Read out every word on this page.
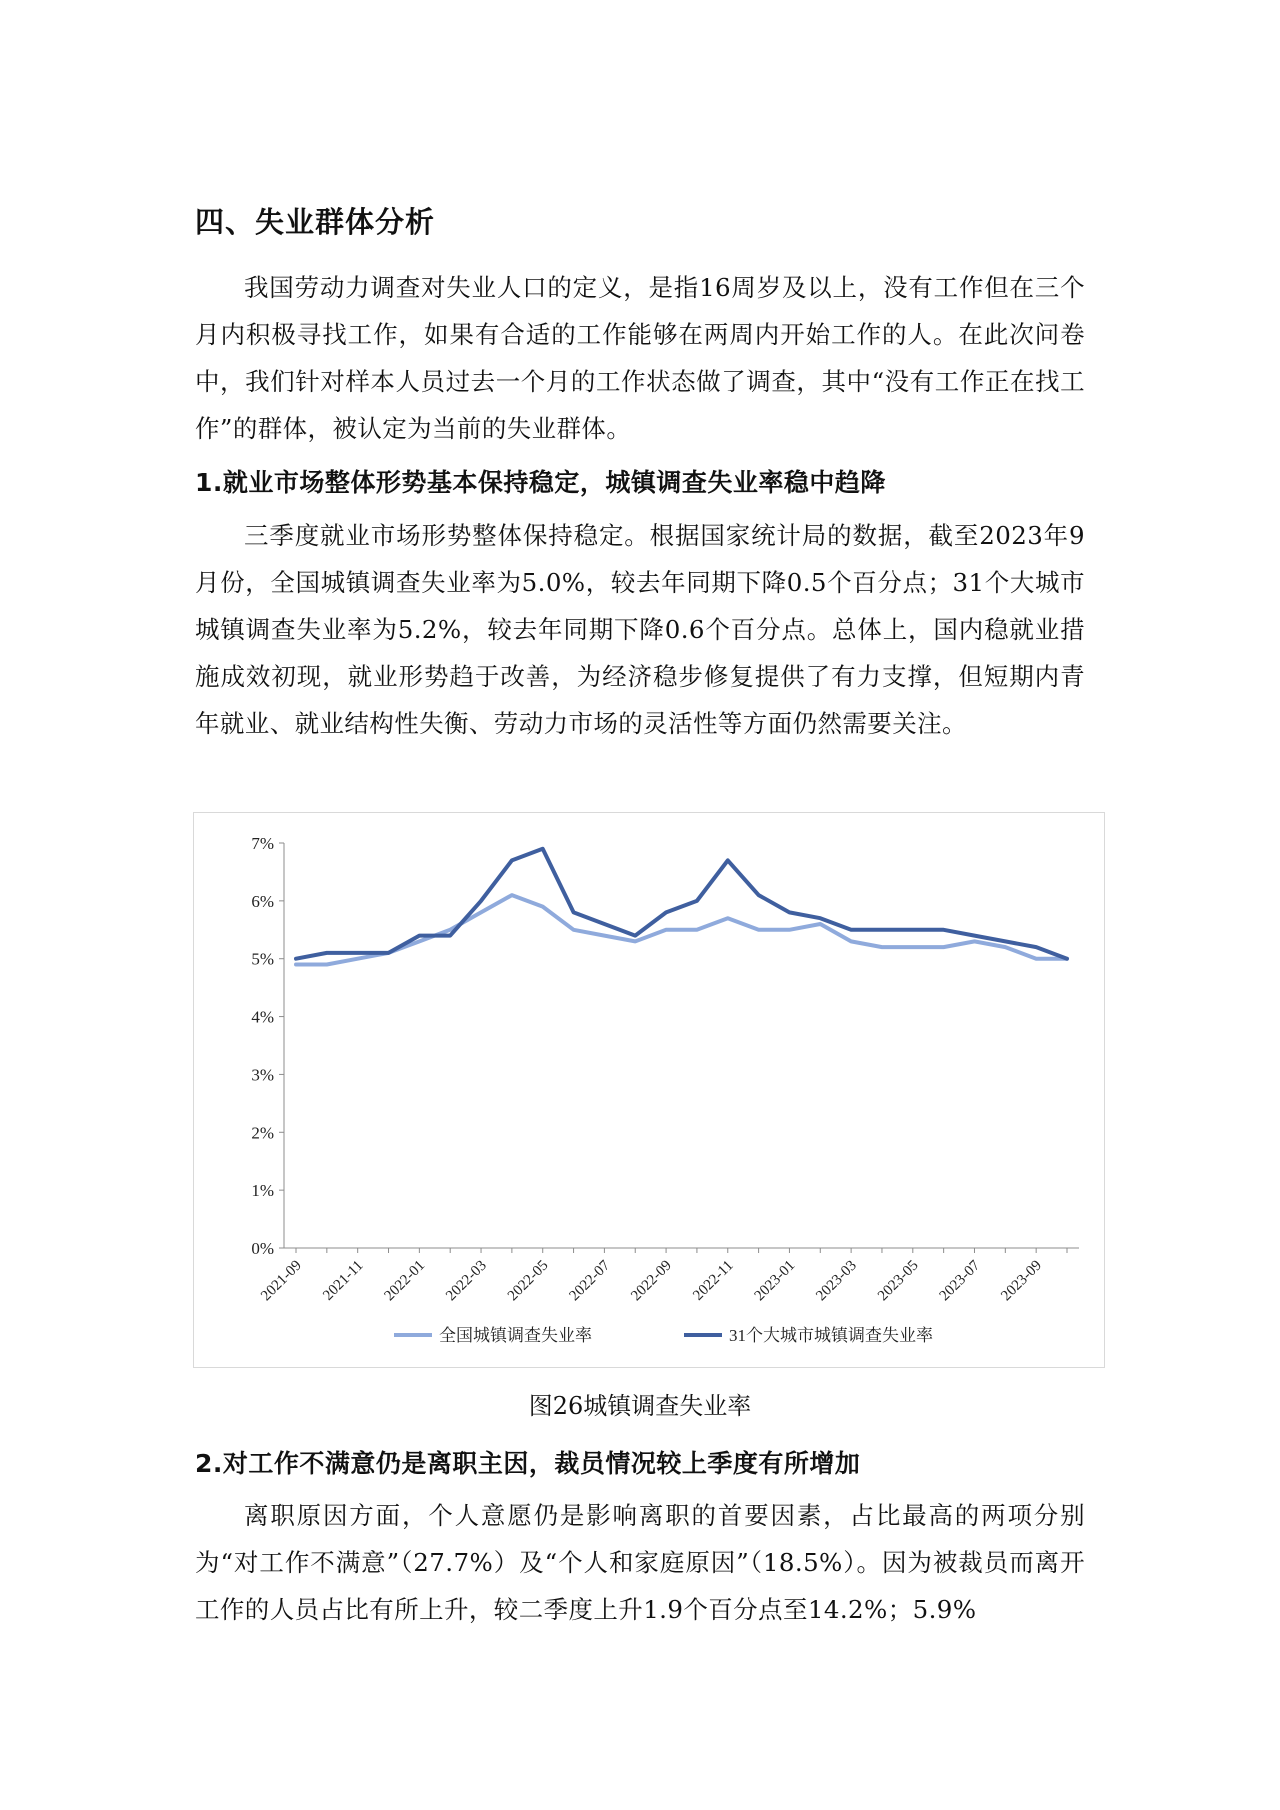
四、失业群体分析
我国劳动力调查对失业人口的定义，是指16周岁及以上，没有工作但在三个月内积极寻找工作，如果有合适的工作能够在两周内开始工作的人。在此次问卷中，我们针对样本人员过去一个月的工作状态做了调查，其中“没有工作正在找工作”的群体，被认定为当前的失业群体。
1.就业市场整体形势基本保持稳定，城镇调查失业率稳中趋降
三季度就业市场形势整体保持稳定。根据国家统计局的数据，截至2023年9月份，全国城镇调查失业率为5.0%，较去年同期下降0.5个百分点；31个大城市城镇调查失业率为5.2%，较去年同期下降0.6个百分点。总体上，国内稳就业措施成效初现，就业形势趋于改善，为经济稳步修复提供了有力支撑，但短期内青年就业、就业结构性失衡、劳动力市场的灵活性等方面仍然需要关注。
0%
1%
2%
3%
4%
5%
6%
7%
2021-09 2021-11 2022-01 2022-03 2022-05 2022-07 2022-09 2022-11 2023-01 2023-03 2023-05 2023-07 2023-09
全国城镇调查失业率	31个大城市城镇调查失业率
图26城镇调查失业率
2.对工作不满意仍是离职主因，裁员情况较上季度有所增加
离职原因方面，个人意愿仍是影响离职的首要因素，占比最高的两项分别为“对工作不满意”（27.7%）及“个人和家庭原因”（18.5%）。因为被裁员而离开工作的人员占比有所上升，较二季度上升1.9个百分点至14.2%；5.9%
